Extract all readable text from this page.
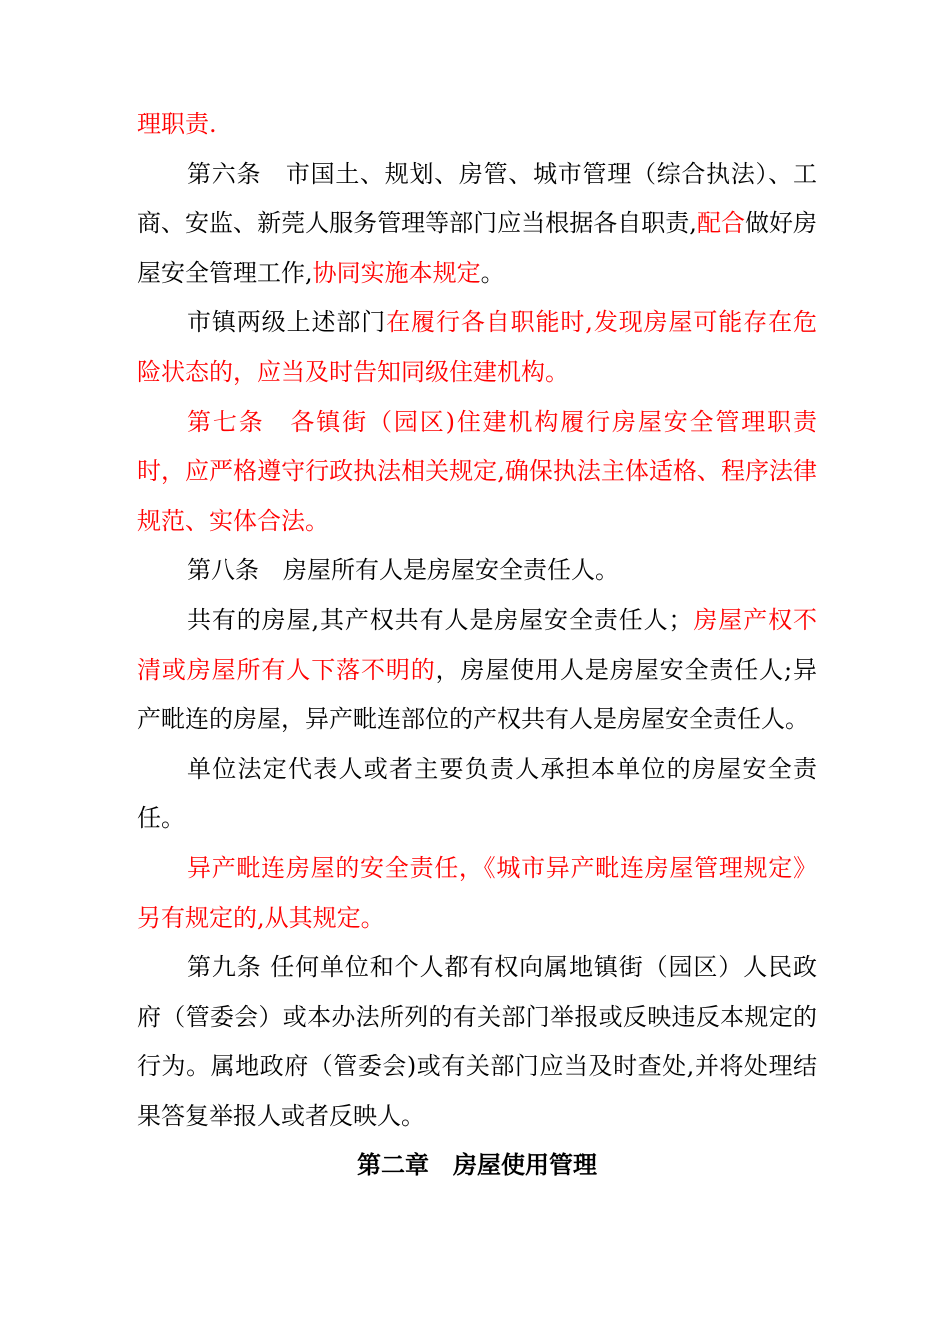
理职责.

第六条　市国土、规划、房管、城市管理（综合执法）、工商、安监、新莞人服务管理等部门应当根据各自职责,配合做好房屋安全管理工作,协同实施本规定。

市镇两级上述部门在履行各自职能时,发现房屋可能存在危险状态的，应当及时告知同级住建机构。

第七条　各镇街（园区)住建机构履行房屋安全管理职责时，应严格遵守行政执法相关规定,确保执法主体适格、程序法律规范、实体合法。

第八条　房屋所有人是房屋安全责任人。

共有的房屋,其产权共有人是房屋安全责任人；房屋产权不清或房屋所有人下落不明的，房屋使用人是房屋安全责任人;异产毗连的房屋，异产毗连部位的产权共有人是房屋安全责任人。

单位法定代表人或者主要负责人承担本单位的房屋安全责任。

异产毗连房屋的安全责任，《城市异产毗连房屋管理规定》另有规定的,从其规定。

第九条 任何单位和个人都有权向属地镇街（园区）人民政府（管委会）或本办法所列的有关部门举报或反映违反本规定的行为。属地政府（管委会)或有关部门应当及时查处,并将处理结果答复举报人或者反映人。

第二章　房屋使用管理
